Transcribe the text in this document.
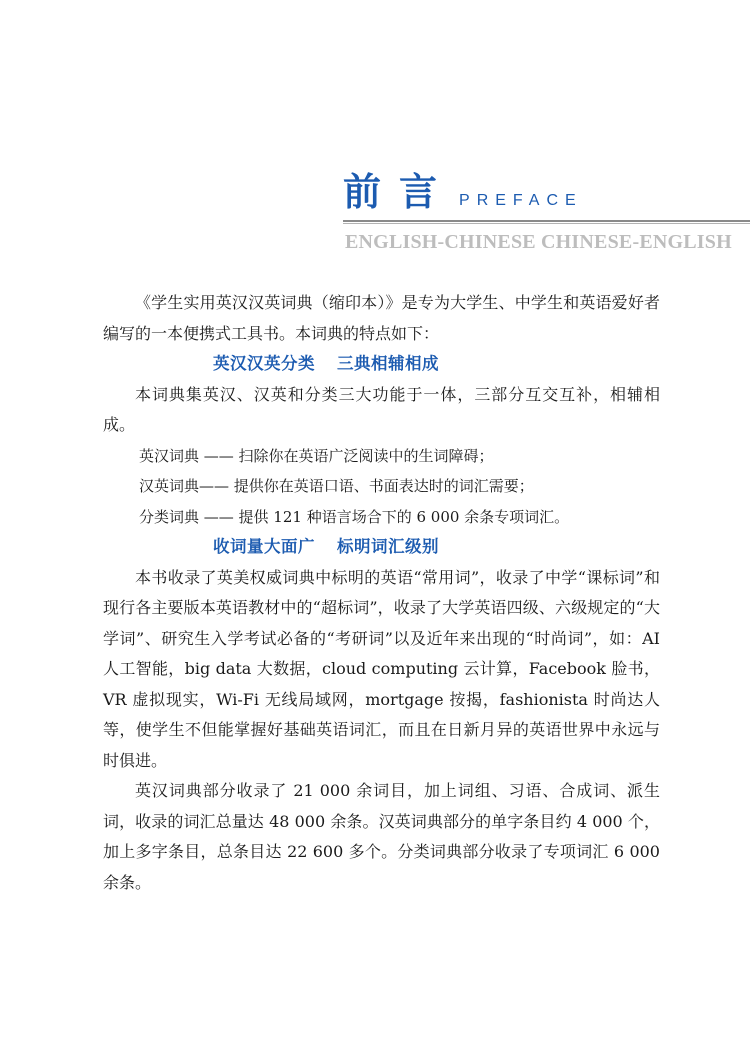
前言 PREFACE
ENGLISH-CHINESE CHINESE-ENGLISH

《学生实用英汉汉英词典（缩印本）》是专为大学生、中学生和英语爱好者编写的一本便携式工具书。本词典的特点如下：

英汉汉英分类 三典相辅相成

本词典集英汉、汉英和分类三大功能于一体，三部分互交互补，相辅相成。

英汉词典 —— 扫除你在英语广泛阅读中的生词障碍；

汉英词典—— 提供你在英语口语、书面表达时的词汇需要；

分类词典 —— 提供 121 种语言场合下的 6 000 余条专项词汇。

收词量大面广 标明词汇级别

本书收录了英美权威词典中标明的英语“常用词”，收录了中学“课标词”和现行各主要版本英语教材中的“超标词”，收录了大学英语四级、六级规定的“大学词”、研究生入学考试必备的“考研词”以及近年来出现的“时尚词”，如：AI 人工智能，big data 大数据，cloud computing 云计算，Facebook 脸书，VR 虚拟现实，Wi-Fi 无线局域网，mortgage 按揭，fashionista 时尚达人等，使学生不但能掌握好基础英语词汇，而且在日新月异的英语世界中永远与时俱进。

英汉词典部分收录了 21 000 余词目，加上词组、习语、合成词、派生词，收录的词汇总量达 48 000 余条。汉英词典部分的单字条目约 4 000 个，加上多字条目，总条目达 22 600 多个。分类词典部分收录了专项词汇 6 000 余条。
